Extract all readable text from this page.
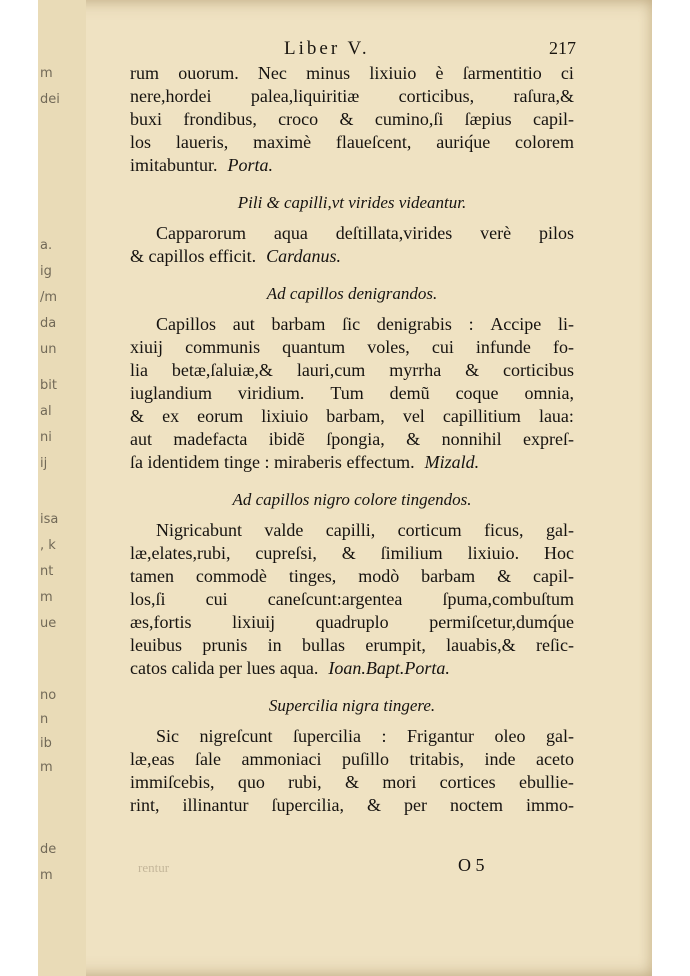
m
dei
a.
ig
/m
da
un
bit
al
ni
ij
isa
, k
nt
m
ue
no
n
ib
m
de
m
Liber V.	217
rum ouorum. Nec minus lixiuio è ſarmentitio ci
nere,hordei palea,liquiritiæ corticibus, raſura,&
buxi frondibus, croco & cumino,ſi ſæpius capil-
los laueris, maximè flaueſcent, auriq́ue colorem
imitabuntur. Porta.
Pili & capilli,vt virides videantur.
Capparorum aqua deſtillata,virides verè pilos
& capillos efficit. Cardanus.
Ad capillos denigrandos.
Capillos aut barbam ſic denigrabis : Accipe li-
xiuij communis quantum voles, cui infunde fo-
lia betæ,ſaluiæ,& lauri,cum myrrha & corticibus
iuglandium viridium. Tum demũ coque omnia,
& ex eorum lixiuio barbam, vel capillitium laua:
aut madefacta ibidẽ ſpongia, & nonnihil expreſ-
ſa identidem tinge : miraberis effectum. Mizald.
Ad capillos nigro colore tingendos.
Nigricabunt valde capilli, corticum ficus, gal-
læ,elates,rubi, cupreſsi, & ſimilium lixiuio. Hoc
tamen commodè tinges, modò barbam & capil-
los,ſi cui caneſcunt:argentea ſpuma,combuſtum
æs,fortis lixiuij quadruplo permiſcetur,dumq́ue
leuibus prunis in bullas erumpit, lauabis,& reſic-
catos calida per lues aqua. Ioan.Bapt.Porta.
Supercilia nigra tingere.
Sic nigreſcunt ſupercilia : Frigantur oleo gal-
læ,eas ſale ammoniaci puſillo tritabis, inde aceto
immiſcebis, quo rubi, & mori cortices ebullie-
rint, illinantur ſupercilia, & per noctem immo-
rentur	O 5
